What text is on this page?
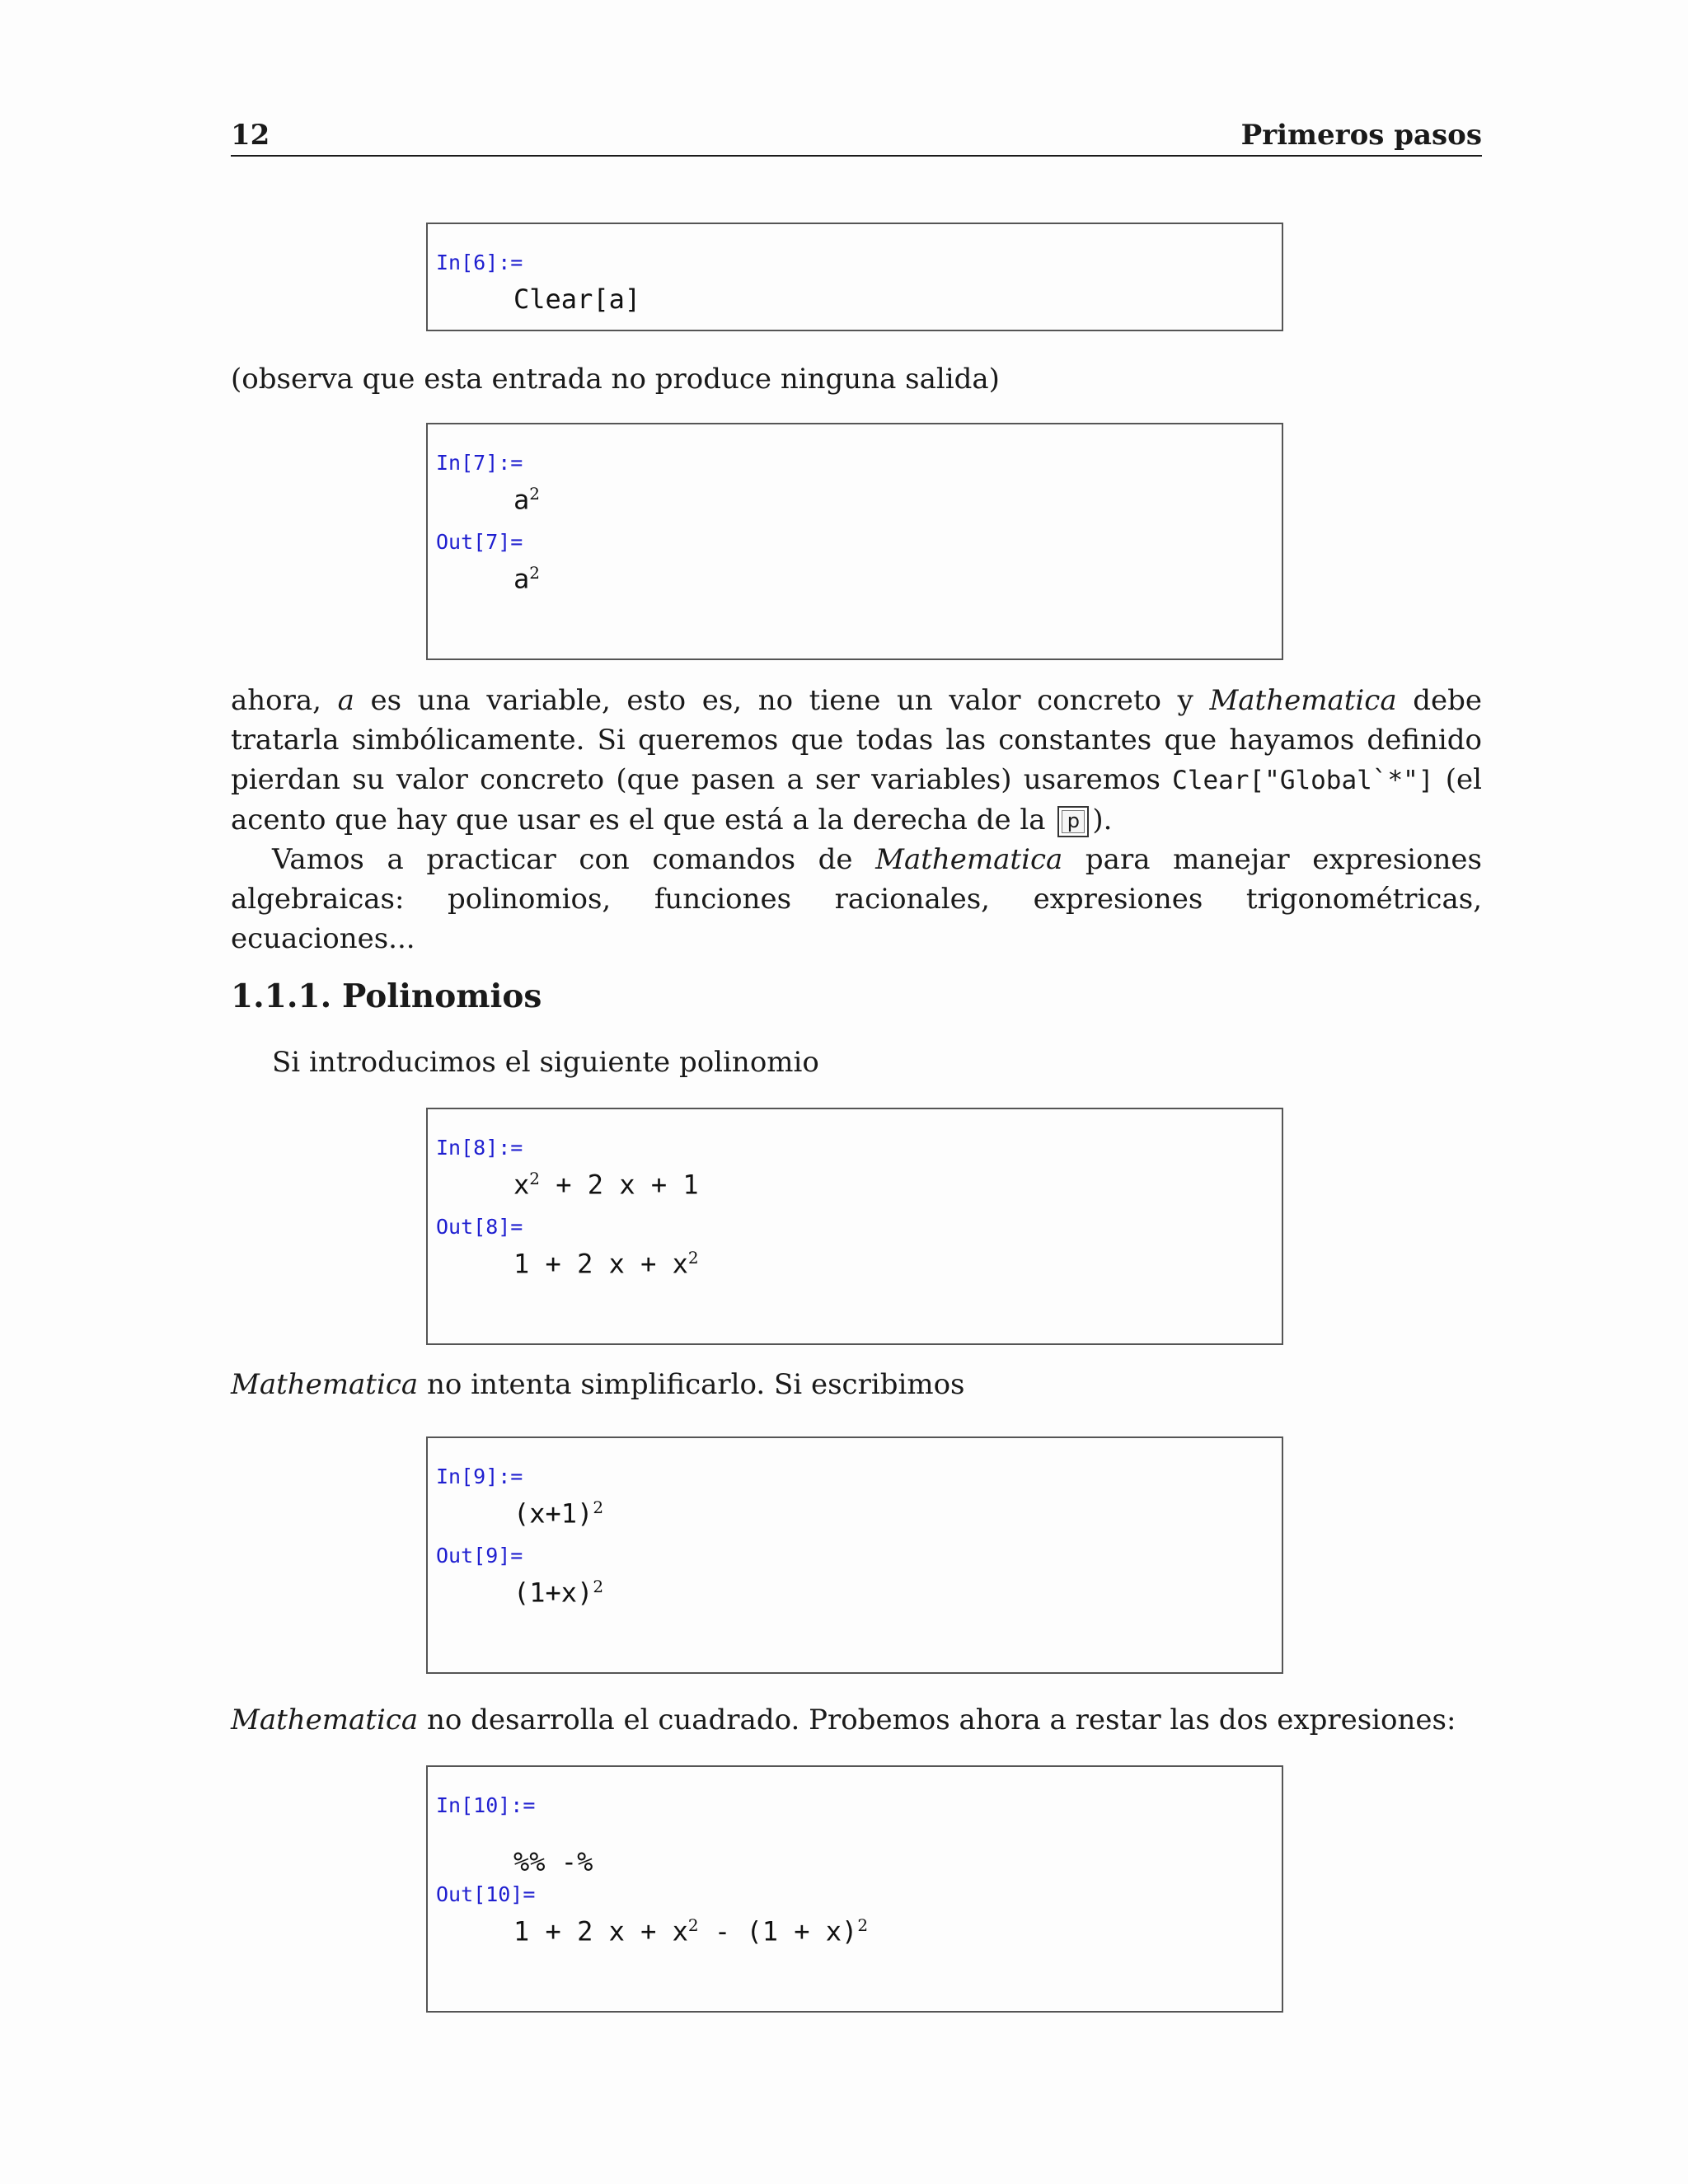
12	Primeros pasos
In[6]:=
Clear[a]
(observa que esta entrada no produce ninguna salida)
In[7]:=
$a^2$
Out[7]=
$a^2$
ahora, a es una variable, esto es, no tiene un valor concreto y Mathematica debe tratarla simbólicamente. Si queremos que todas las constantes que hayamos definido pierdan su valor concreto (que pasen a ser variables) usaremos Clear["Global`*"] (el acento que hay que usar es el que está a la derecha de la p ).
Vamos a practicar con comandos de Mathematica para manejar expresiones algebraicas: polinomios, funciones racionales, expresiones trigonométricas, ecuaciones...
1.1.1. Polinomios
Si introducimos el siguiente polinomio
In[8]:=
$x^2 + 2$ x + 1
Out[8]=
1 + 2 $x + x^2$
Mathematica no intenta simplificarlo. Si escribimos
In[9]:=
$(x+1)^2$
Out[9]=
$(1+x)^2$
Mathematica no desarrolla el cuadrado. Probemos ahora a restar las dos expresiones:
In[10]:=
%% -%
Out[10]=
1 + 2 $x + x^2 - (1 + x)^2$
